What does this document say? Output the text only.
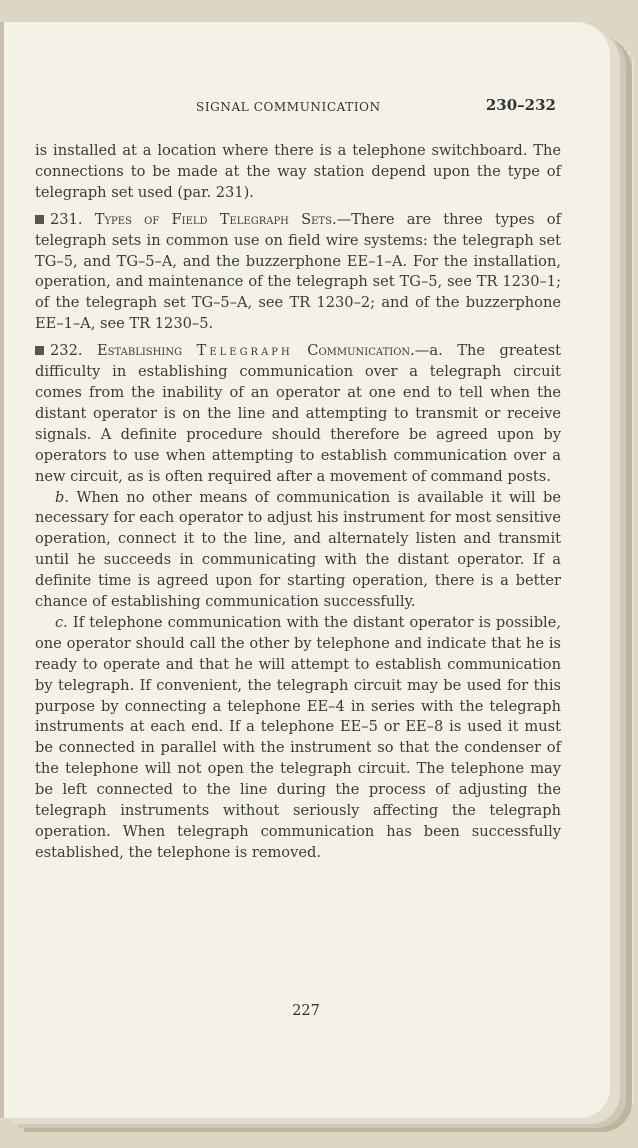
SIGNAL COMMUNICATION	230–232

is installed at a location where there is a telephone switchboard. The connections to be made at the way station depend upon the type of telegraph set used (par. 231).

231. Types of Field Telegraph Sets.—There are three types of telegraph sets in common use on field wire systems: the telegraph set TG–5, and TG–5–A, and the buzzerphone EE–1–A. For the installation, operation, and maintenance of the telegraph set TG–5, see TR 1230–1; of the telegraph set TG–5–A, see TR 1230–2; and of the buzzerphone EE–1–A, see TR 1230–5.

232. Establishing Telegraph Communication.—a. The greatest difficulty in establishing communication over a telegraph circuit comes from the inability of an operator at one end to tell when the distant operator is on the line and attempting to transmit or receive signals. A definite procedure should therefore be agreed upon by operators to use when attempting to establish communication over a new circuit, as is often required after a movement of command posts.

b. When no other means of communication is available it will be necessary for each operator to adjust his instrument for most sensitive operation, connect it to the line, and alternately listen and transmit until he succeeds in communicating with the distant operator. If a definite time is agreed upon for starting operation, there is a better chance of establishing communication successfully.

c. If telephone communication with the distant operator is possible, one operator should call the other by telephone and indicate that he is ready to operate and that he will attempt to establish communication by telegraph. If convenient, the telegraph circuit may be used for this purpose by connecting a telephone EE–4 in series with the telegraph instruments at each end. If a telephone EE–5 or EE–8 is used it must be connected in parallel with the instrument so that the condenser of the telephone will not open the telegraph circuit. The telephone may be left connected to the line during the process of adjusting the telegraph instruments without seriously affecting the telegraph operation. When telegraph communication has been successfully established, the telephone is removed.

227
